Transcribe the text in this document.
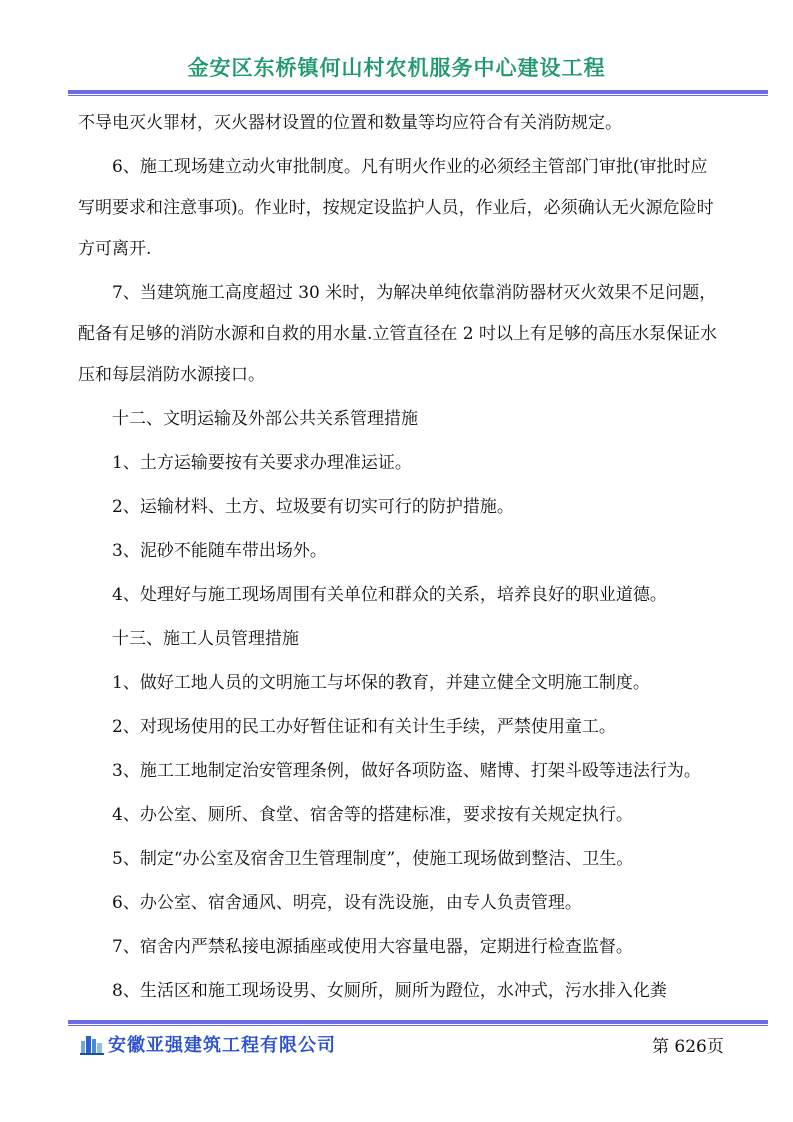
金安区东桥镇何山村农机服务中心建设工程

不导电灭火罪材，灭火器材设置的位置和数量等均应符合有关消防规定。

6、施工现场建立动火审批制度。凡有明火作业的必须经主管部门审批(审批时应写明要求和注意事项)。作业时，按规定设监护人员，作业后，必须确认无火源危险时方可离开.

7、当建筑施工高度超过 30 米时，为解决单纯依靠消防器材灭火效果不足问题，配备有足够的消防水源和自救的用水量.立管直径在 2 吋以上有足够的高压水泵保证水压和每层消防水源接口。

十二、文明运输及外部公共关系管理措施

1、土方运输要按有关要求办理准运证。

2、运输材料、土方、垃圾要有切实可行的防护措施。

3、泥砂不能随车带出场外。

4、处理好与施工现场周围有关单位和群众的关系，培养良好的职业道德。

十三、施工人员管理措施

1、做好工地人员的文明施工与坏保的教育，并建立健全文明施工制度。

2、对现场使用的民工办好暂住证和有关计生手续，严禁使用童工。

3、施工工地制定治安管理条例，做好各项防盗、赌博、打架斗殴等违法行为。

4、办公室、厕所、食堂、宿舍等的搭建标准，要求按有关规定执行。

5、制定“办公室及宿舍卫生管理制度”，使施工现场做到整洁、卫生。

6、办公室、宿舍通风、明亮，设有洗设施，由专人负责管理。

7、宿舍内严禁私接电源插座或使用大容量电器，定期进行检查监督。

8、生活区和施工现场设男、女厕所，厕所为蹬位，水冲式，污水排入化粪

安徽亚强建筑工程有限公司	第 626页
